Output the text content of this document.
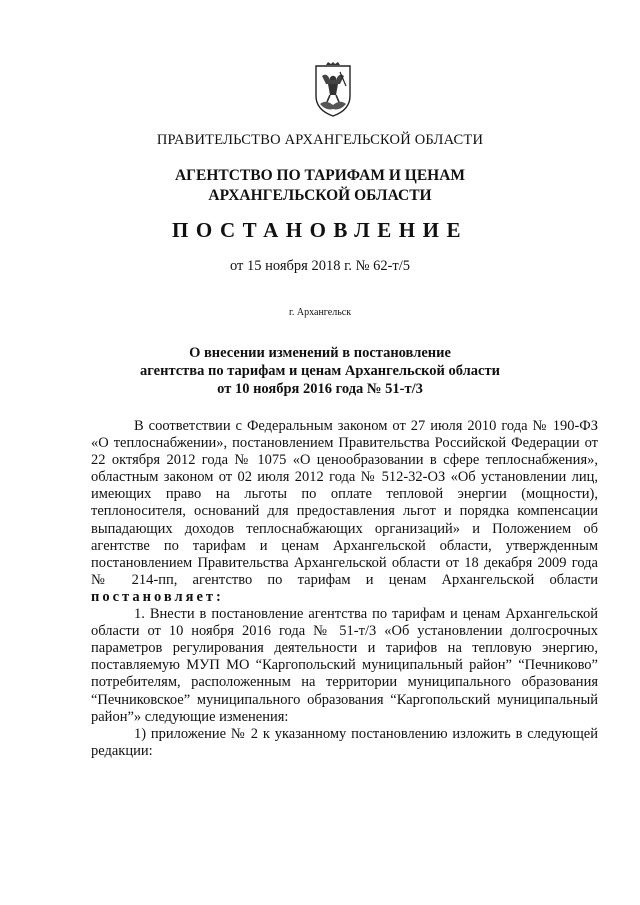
ПРАВИТЕЛЬСТВО АРХАНГЕЛЬСКОЙ ОБЛАСТИ
АГЕНТСТВО ПО ТАРИФАМ И ЦЕНАМ
АРХАНГЕЛЬСКОЙ ОБЛАСТИ
ПОСТАНОВЛЕНИЕ
от 15 ноября 2018 г. № 62-т/5
г. Архангельск
О внесении изменений в постановление
агентства по тарифам и ценам Архангельской области
от 10 ноября 2016 года № 51-т/3

В соответствии с Федеральным законом от 27 июля 2010 года № 190-ФЗ «О теплоснабжении», постановлением Правительства Российской Федерации от 22 октября 2012 года № 1075 «О ценообразовании в сфере теплоснабжения», областным законом от 02 июля 2012 года № 512-32-ОЗ «Об установлении лиц, имеющих право на льготы по оплате тепловой энергии (мощности), теплоносителя, оснований для предоставления льгот и порядка компенсации выпадающих доходов теплоснабжающих организаций» и Положением об агентстве по тарифам и ценам Архангельской области, утвержденным постановлением Правительства Архангельской области от 18 декабря 2009 года № 214-пп, агентство по тарифам и ценам Архангельской области постановляет:

1. Внести в постановление агентства по тарифам и ценам Архангельской области от 10 ноября 2016 года № 51-т/3 «Об установлении долгосрочных параметров регулирования деятельности и тарифов на тепловую энергию, поставляемую МУП МО “Каргопольский муниципальный район” “Печниково” потребителям, расположенным на территории муниципального образования “Печниковское” муниципального образования “Каргопольский муниципальный район”» следующие изменения:

1) приложение № 2 к указанному постановлению изложить в следующей редакции:
